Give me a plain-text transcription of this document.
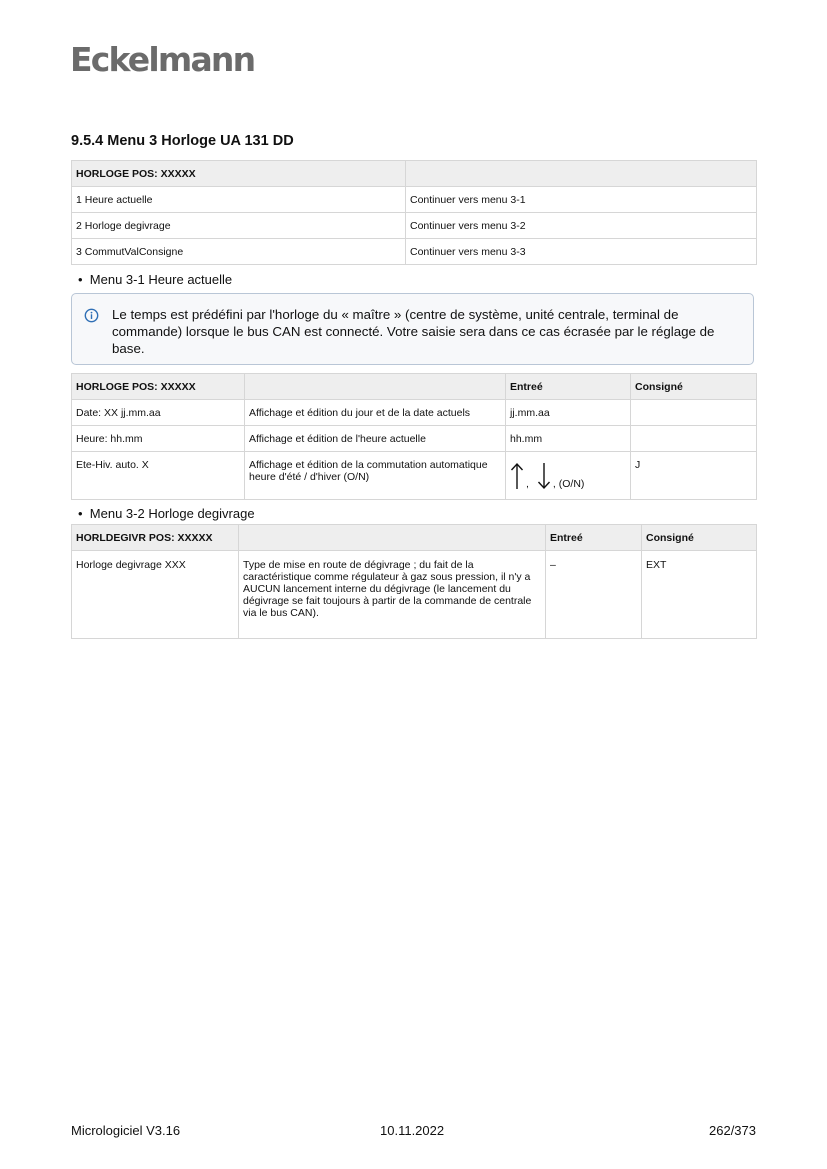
Eckelmann
9.5.4 Menu 3 Horloge UA 131 DD
HORLOGE POS: XXXXX	
1 Heure actuelle	Continuer vers menu 3-1
2 Horloge degivrage	Continuer vers menu 3-2
3 CommutValConsigne	Continuer vers menu 3-3
•  Menu 3-1 Heure actuelle
Le temps est prédéfini par l'horloge du « maître » (centre de système, unité centrale, terminal de commande) lorsque le bus CAN est connecté. Votre saisie sera dans ce cas écrasée par le réglage de base.
HORLOGE POS: XXXXX		Entreé	Consigné
Date: XX jj.mm.aa	Affichage et édition du jour et de la date actuels	jj.mm.aa	
Heure: hh.mm	Affichage et édition de l'heure actuelle	hh.mm	
Ete-Hiv. auto. X	Affichage et édition de la commutation automatique heure d'été / d'hiver (O/N)	, , (O/N)	J
•  Menu 3-2 Horloge degivrage
HORLDEGIVR POS: XXXXX		Entreé	Consigné
Horloge degivrage XXX	Type de mise en route de dégivrage ; du fait de la caractéristique comme régulateur à gaz sous pression, il n'y a AUCUN lancement interne du dégivrage (le lancement du dégivrage se fait toujours à partir de la commande de centrale via le bus CAN).	–	EXT
Micrologiciel V3.16	10.11.2022	262/373
